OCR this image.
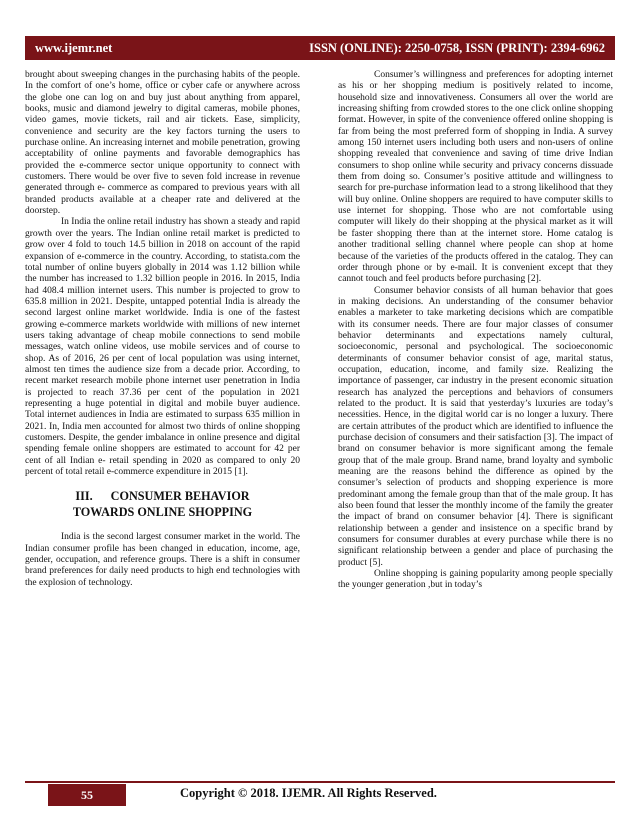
www.ijemr.net	ISSN (ONLINE): 2250-0758, ISSN (PRINT): 2394-6962

brought about sweeping changes in the purchasing habits of the people. In the comfort of one’s home, office or cyber cafe or anywhere across the globe one can log on and buy just about anything from apparel, books, music and diamond jewelry to digital cameras, mobile phones, video games, movie tickets, rail and air tickets. Ease, simplicity, convenience and security are the key factors turning the users to purchase online. An increasing internet and mobile penetration, growing acceptability of online payments and favorable demographics has provided the e-commerce sector unique opportunity to connect with customers. There would be over five to seven fold increase in revenue generated through e- commerce as compared to previous years with all branded products available at a cheaper rate and delivered at the doorstep.

In India the online retail industry has shown a steady and rapid growth over the years. The Indian online retail market is predicted to grow over 4 fold to touch 14.5 billion in 2018 on account of the rapid expansion of e-commerce in the country. According, to statista.com the total number of online buyers globally in 2014 was 1.12 billion while the number has increased to 1.32 billion people in 2016. In 2015, India had 408.4 million internet users. This number is projected to grow to 635.8 million in 2021. Despite, untapped potential India is already the second largest online market worldwide. India is one of the fastest growing e-commerce markets worldwide with millions of new internet users taking advantage of cheap mobile connections to send mobile messages, watch online videos, use mobile services and of course to shop. As of 2016, 26 per cent of local population was using internet, almost ten times the audience size from a decade prior. According, to recent market research mobile phone internet user penetration in India is projected to reach 37.36 per cent of the population in 2021 representing a huge potential in digital and mobile buyer audience. Total internet audiences in India are estimated to surpass 635 million in 2021. In, India men accounted for almost two thirds of online shopping customers. Despite, the gender imbalance in online presence and digital spending female online shoppers are estimated to account for 42 per cent of all Indian e- retail spending in 2020 as compared to only 20 percent of total retail e-commerce expenditure in 2015 [1].

III. CONSUMER BEHAVIOR
TOWARDS ONLINE SHOPPING

India is the second largest consumer market in the world. The Indian consumer profile has been changed in education, income, age, gender, occupation, and reference groups. There is a shift in consumer brand preferences for daily need products to high end technologies with the explosion of technology.

Consumer’s willingness and preferences for adopting internet as his or her shopping medium is positively related to income, household size and innovativeness. Consumers all over the world are increasing shifting from crowded stores to the one click online shopping format. However, in spite of the convenience offered online shopping is far from being the most preferred form of shopping in India. A survey among 150 internet users including both users and non-users of online shopping revealed that convenience and saving of time drive Indian consumers to shop online while security and privacy concerns dissuade them from doing so. Consumer’s positive attitude and willingness to search for pre-purchase information lead to a strong likelihood that they will buy online. Online shoppers are required to have computer skills to use internet for shopping. Those who are not comfortable using computer will likely do their shopping at the physical market as it will be faster shopping there than at the internet store. Home catalog is another traditional selling channel where people can shop at home because of the varieties of the products offered in the catalog. They can order through phone or by e-mail. It is convenient except that they cannot touch and feel products before purchasing [2].

Consumer behavior consists of all human behavior that goes in making decisions. An understanding of the consumer behavior enables a marketer to take marketing decisions which are compatible with its consumer needs. There are four major classes of consumer behavior determinants and expectations namely cultural, socioeconomic, personal and psychological. The socioeconomic determinants of consumer behavior consist of age, marital status, occupation, education, income, and family size. Realizing the importance of passenger, car industry in the present economic situation research has analyzed the perceptions and behaviors of consumers related to the product. It is said that yesterday’s luxuries are today’s necessities. Hence, in the digital world car is no longer a luxury. There are certain attributes of the product which are identified to influence the purchase decision of consumers and their satisfaction [3]. The impact of brand on consumer behavior is more significant among the female group that of the male group. Brand name, brand loyalty and symbolic meaning are the reasons behind the difference as opined by the consumer’s selection of products and shopping experience is more predominant among the female group than that of the male group. It has also been found that lesser the monthly income of the family the greater the impact of brand on consumer behavior [4]. There is significant relationship between a gender and insistence on a specific brand by consumers for consumer durables at every purchase while there is no significant relationship between a gender and place of purchasing the product [5].

Online shopping is gaining popularity among people specially the younger generation ,but in today’s

55	Copyright © 2018. IJEMR. All Rights Reserved.
